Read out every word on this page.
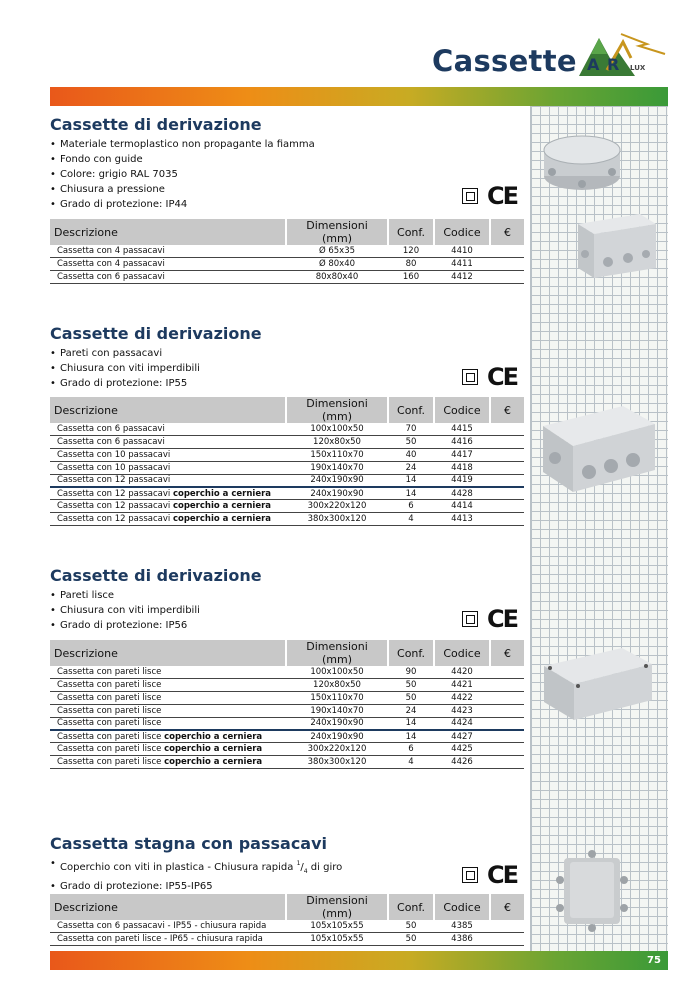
Cassette A R LUX
Cassette di derivazione
• Materiale termoplastico non propagante la fiamma
• Fondo con guide
• Colore: grigio RAL 7035
• Chiusura a pressione
• Grado di protezione: IP44	CE
Descrizione	Dimensioni (mm)	Conf.	Codice	€
Cassetta con 4 passacavi	Ø 65x35	120	4410	
Cassetta con 4 passacavi	Ø 80x40	80	4411	
Cassetta con 6 passacavi	80x80x40	160	4412	
Cassette di derivazione
• Pareti con passacavi
• Chiusura con viti imperdibili
• Grado di protezione: IP55	CE
Descrizione	Dimensioni (mm)	Conf.	Codice	€
Cassetta con 6 passacavi	100x100x50	70	4415	
Cassetta con 6 passacavi	120x80x50	50	4416	
Cassetta con 10 passacavi	150x110x70	40	4417	
Cassetta con 10 passacavi	190x140x70	24	4418	
Cassetta con 12 passacavi	240x190x90	14	4419	
Cassetta con 12 passacavi coperchio a cerniera	240x190x90	14	4428	
Cassetta con 12 passacavi coperchio a cerniera	300x220x120	6	4414	
Cassetta con 12 passacavi coperchio a cerniera	380x300x120	4	4413	
Cassette di derivazione
• Pareti lisce
• Chiusura con viti imperdibili
• Grado di protezione: IP56	CE
Descrizione	Dimensioni (mm)	Conf.	Codice	€
Cassetta con pareti lisce	100x100x50	90	4420	
Cassetta con pareti lisce	120x80x50	50	4421	
Cassetta con pareti lisce	150x110x70	50	4422	
Cassetta con pareti lisce	190x140x70	24	4423	
Cassetta con pareti lisce	240x190x90	14	4424	
Cassetta con pareti lisce coperchio a cerniera	240x190x90	14	4427	
Cassetta con pareti lisce coperchio a cerniera	300x220x120	6	4425	
Cassetta con pareti lisce coperchio a cerniera	380x300x120	4	4426	
Cassetta stagna con passacavi
• Coperchio con viti in plastica - Chiusura rapida $^1/_4$ di giro
• Grado di protezione: IP55-IP65	CE
Descrizione	Dimensioni (mm)	Conf.	Codice	€
Cassetta con 6 passacavi - IP55 - chiusura rapida	105x105x55	50	4385	
Cassetta con pareti lisce - IP65 - chiusura rapida	105x105x55	50	4386	
75
